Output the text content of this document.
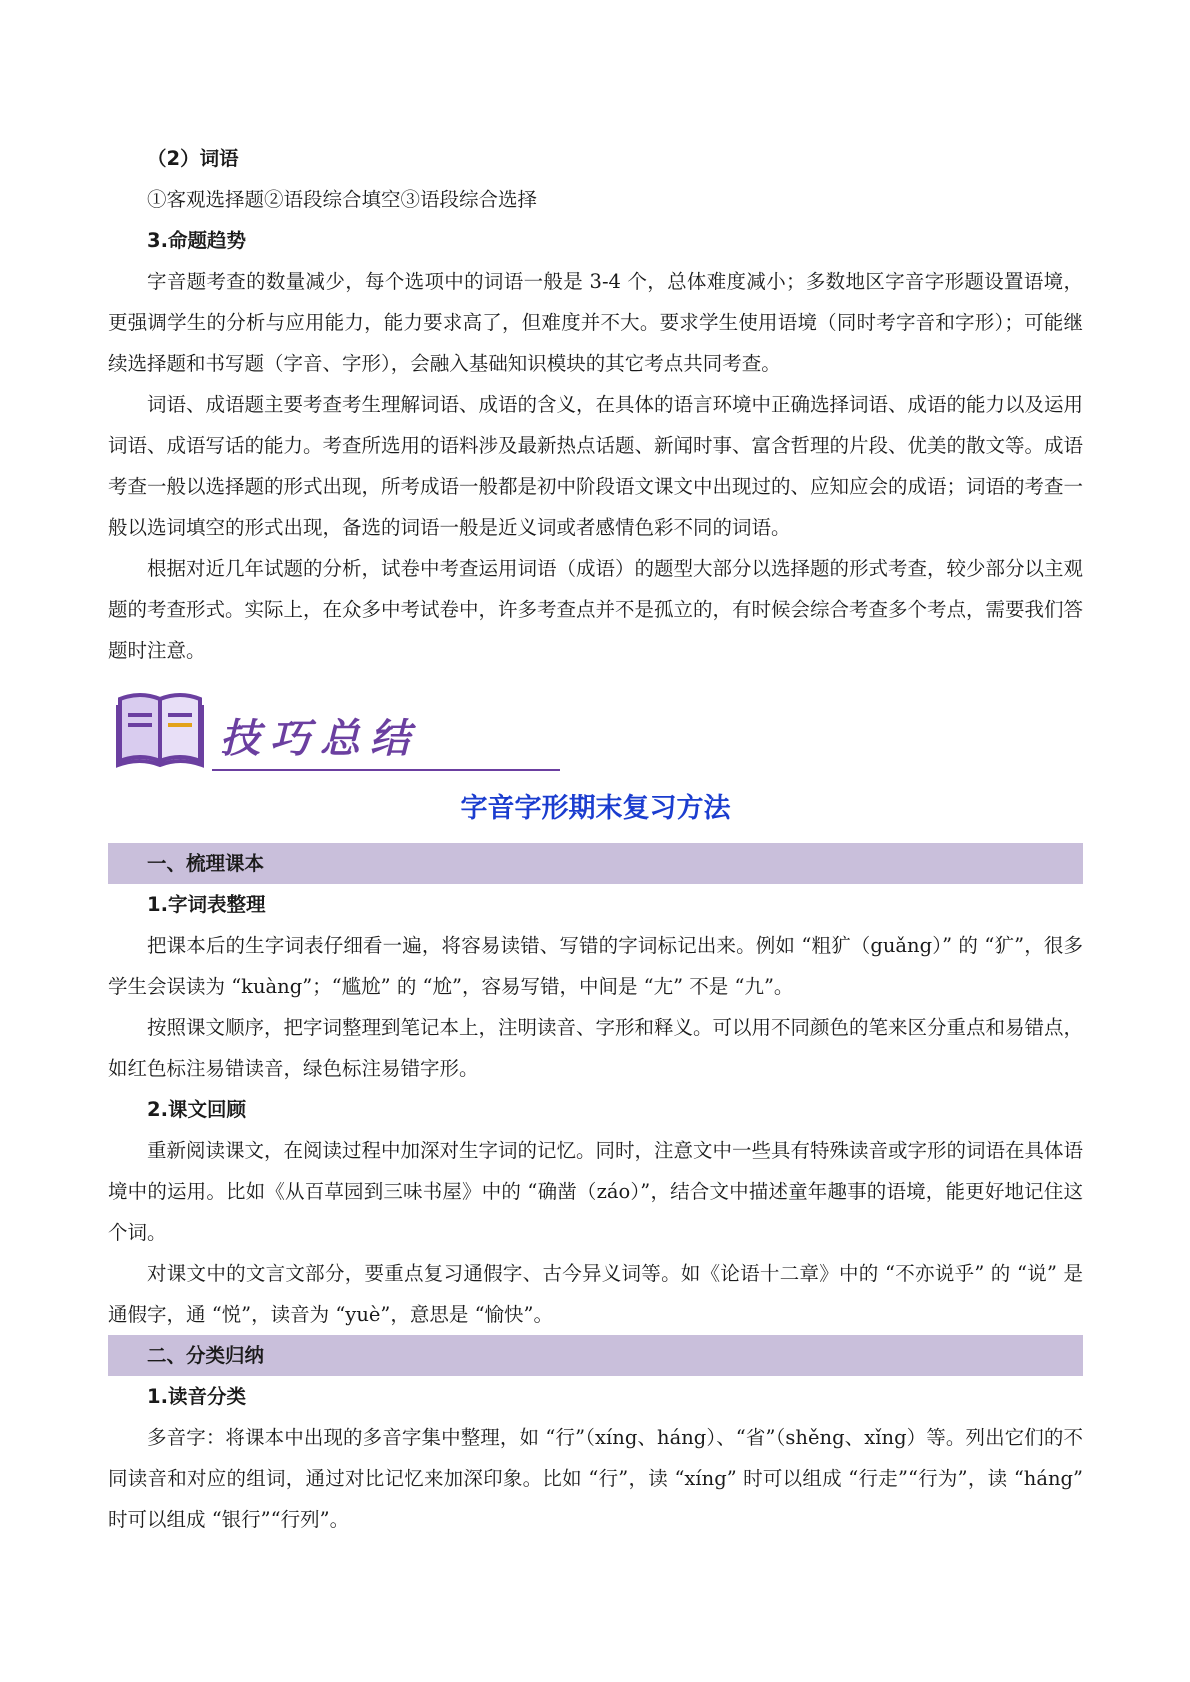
（2）词语

①客观选择题②语段综合填空③语段综合选择

3.命题趋势

字音题考查的数量减少，每个选项中的词语一般是 3-4 个，总体难度减小；多数地区字音字形题设置语境，更强调学生的分析与应用能力，能力要求高了，但难度并不大。要求学生使用语境（同时考字音和字形）；可能继续选择题和书写题（字音、字形），会融入基础知识模块的其它考点共同考查。

词语、成语题主要考查考生理解词语、成语的含义，在具体的语言环境中正确选择词语、成语的能力以及运用词语、成语写话的能力。考查所选用的语料涉及最新热点话题、新闻时事、富含哲理的片段、优美的散文等。成语考查一般以选择题的形式出现，所考成语一般都是初中阶段语文课文中出现过的、应知应会的成语；词语的考查一般以选词填空的形式出现，备选的词语一般是近义词或者感情色彩不同的词语。

根据对近几年试题的分析，试卷中考查运用词语（成语）的题型大部分以选择题的形式考查，较少部分以主观题的考查形式。实际上，在众多中考试卷中，许多考查点并不是孤立的，有时候会综合考查多个考点，需要我们答题时注意。

技巧总结
字音字形期末复习方法
一、梳理课本

1.字词表整理

把课本后的生字词表仔细看一遍，将容易读错、写错的字词标记出来。例如 “粗犷（guǎng）” 的 “犷”，很多学生会误读为 “kuàng”；“尴尬” 的 “尬”，容易写错，中间是 “尢” 不是 “九”。

按照课文顺序，把字词整理到笔记本上，注明读音、字形和释义。可以用不同颜色的笔来区分重点和易错点，如红色标注易错读音，绿色标注易错字形。

2.课文回顾

重新阅读课文，在阅读过程中加深对生字词的记忆。同时，注意文中一些具有特殊读音或字形的词语在具体语境中的运用。比如《从百草园到三味书屋》中的 “确凿（záo）”，结合文中描述童年趣事的语境，能更好地记住这个词。

对课文中的文言文部分，要重点复习通假字、古今异义词等。如《论语十二章》中的 “不亦说乎” 的 “说” 是通假字，通 “悦”，读音为 “yuè”，意思是 “愉快”。

二、分类归纳

1.读音分类

多音字：将课本中出现的多音字集中整理，如 “行”（xíng、háng）、“省”（shěng、xǐng）等。列出它们的不同读音和对应的组词，通过对比记忆来加深印象。比如 “行”，读 “xíng” 时可以组成 “行走”“行为”，读 “háng” 时可以组成 “银行”“行列”。
